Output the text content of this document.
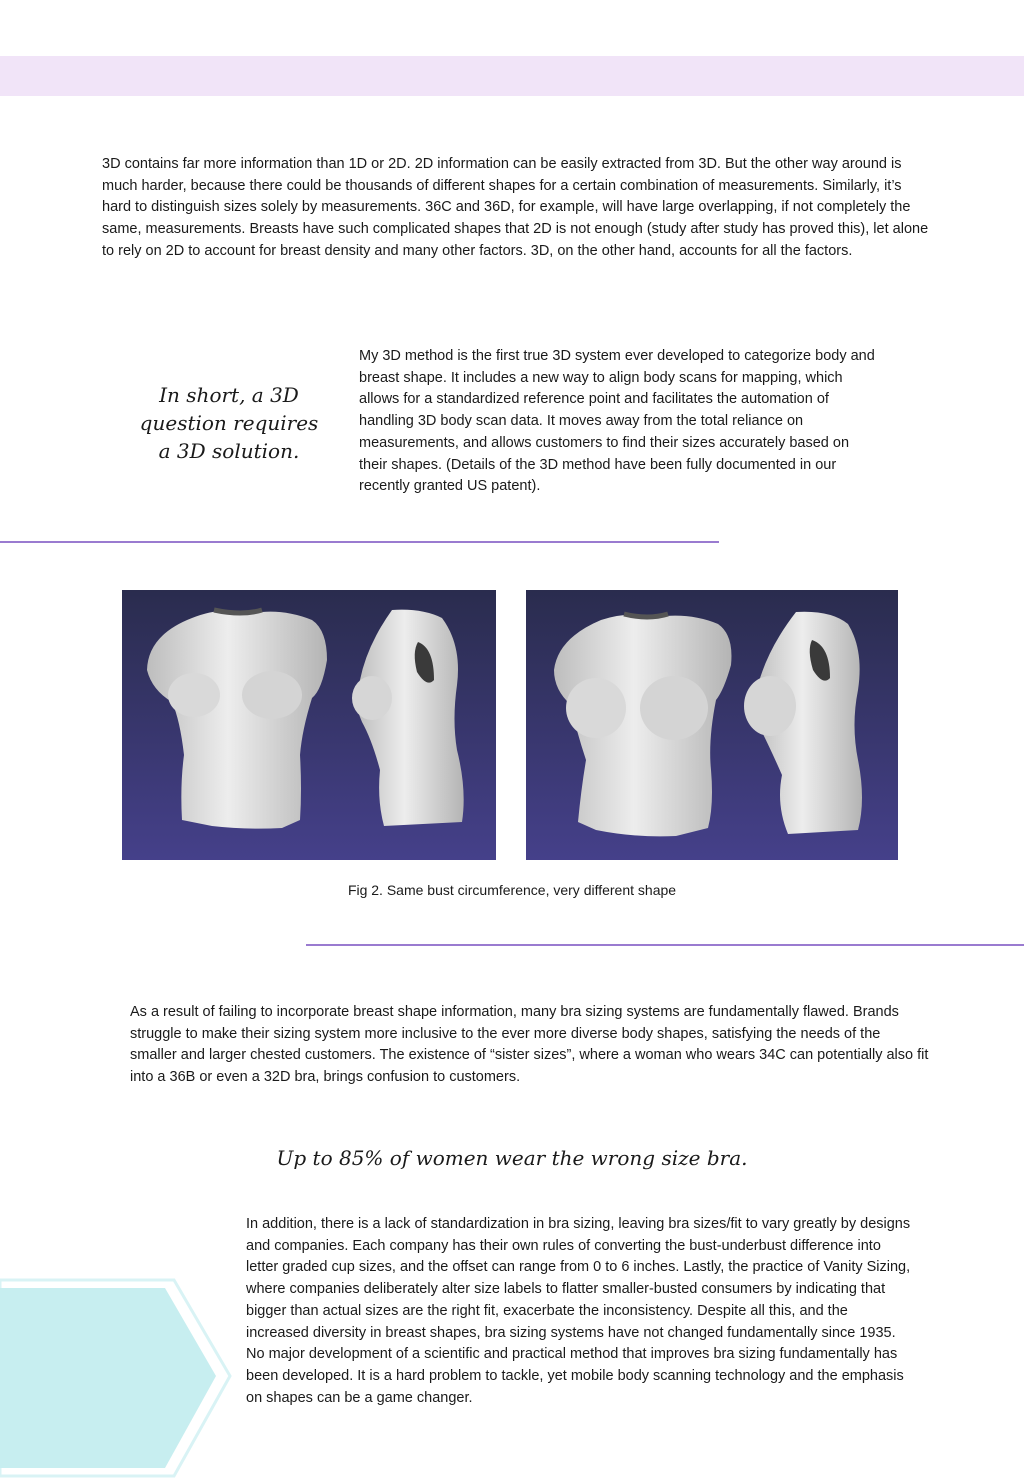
3D contains far more information than 1D or 2D. 2D information can be easily extracted from 3D. But the other way around is much harder, because there could be thousands of different shapes for a certain combination of measurements. Similarly, it’s hard to distinguish sizes solely by measurements. 36C and 36D, for example, will have large overlapping, if not completely the same, measurements. Breasts have such complicated shapes that 2D is not enough (study after study has proved this), let alone to rely on 2D to account for breast density and many other factors. 3D, on the other hand, accounts for all the factors.

In short, a 3D question requires a 3D solution.

My 3D method is the first true 3D system ever developed to categorize body and breast shape. It includes a new way to align body scans for mapping, which allows for a standardized reference point and facilitates the automation of handling 3D body scan data. It moves away from the total reliance on measurements, and allows customers to find their sizes accurately based on their shapes. (Details of the 3D method have been fully documented in our recently granted US patent).

Fig 2. Same bust circumference, very different shape

As a result of failing to incorporate breast shape information, many bra sizing systems are fundamentally flawed. Brands struggle to make their sizing system more inclusive to the ever more diverse body shapes, satisfying the needs of the smaller and larger chested customers. The existence of “sister sizes”, where a woman who wears 34C can potentially also fit into a 36B or even a 32D bra, brings confusion to customers.

Up to 85% of women wear the wrong size bra.

In addition, there is a lack of standardization in bra sizing, leaving bra sizes/fit to vary greatly by designs and companies. Each company has their own rules of converting the bust-underbust difference into letter graded cup sizes, and the offset can range from 0 to 6 inches. Lastly, the practice of Vanity Sizing, where companies deliberately alter size labels to flatter smaller-busted consumers by indicating that bigger than actual sizes are the right fit, exacerbate the inconsistency. Despite all this, and the increased diversity in breast shapes, bra sizing systems have not changed fundamentally since 1935. No major development of a scientific and practical method that improves bra sizing fundamentally has been developed. It is a hard problem to tackle, yet mobile body scanning technology and the emphasis on shapes can be a game changer.
